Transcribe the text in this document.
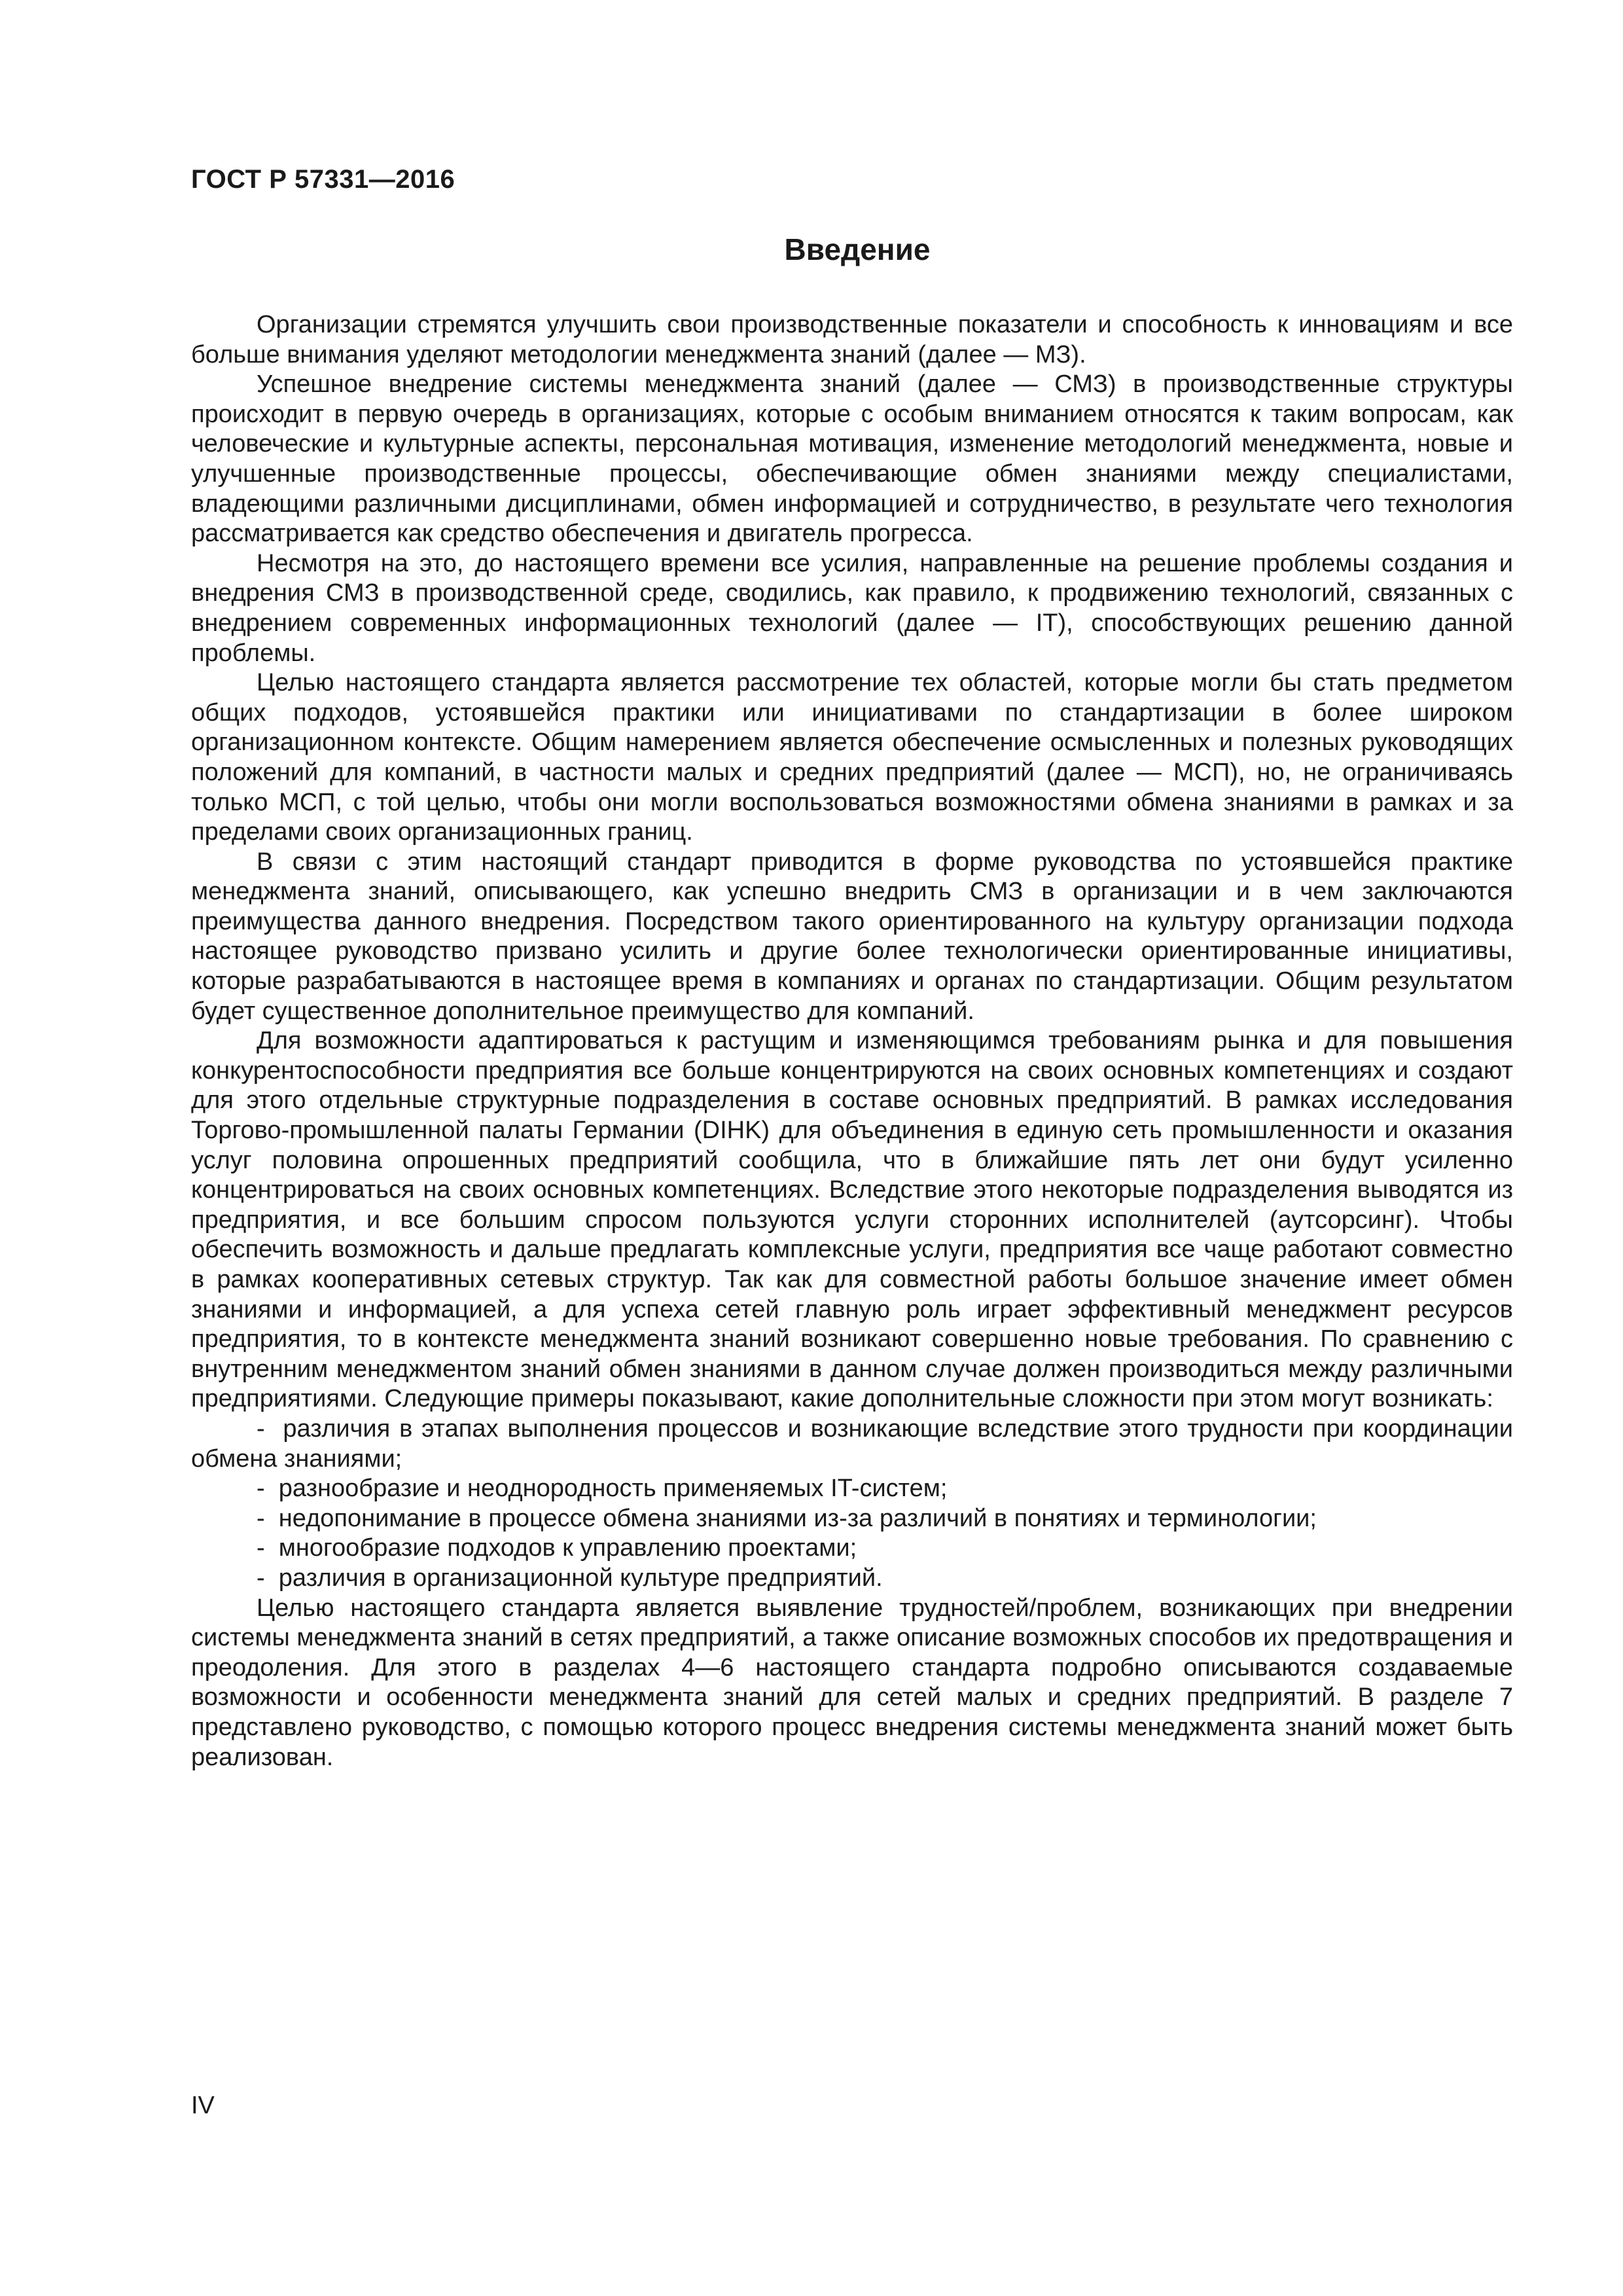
ГОСТ Р 57331—2016
Введение

Организации стремятся улучшить свои производственные показатели и способность к инновациям и все больше внимания уделяют методологии менеджмента знаний (далее — МЗ).

Успешное внедрение системы менеджмента знаний (далее — СМЗ) в производственные структуры происходит в первую очередь в организациях, которые с особым вниманием относятся к таким вопросам, как человеческие и культурные аспекты, персональная мотивация, изменение методологий менеджмента, новые и улучшенные производственные процессы, обеспечивающие обмен знаниями между специалистами, владеющими различными дисциплинами, обмен информацией и сотрудничество, в результате чего технология рассматривается как средство обеспечения и двигатель прогресса.

Несмотря на это, до настоящего времени все усилия, направленные на решение проблемы создания и внедрения СМЗ в производственной среде, сводились, как правило, к продвижению технологий, связанных с внедрением современных информационных технологий (далее — IT), способствующих решению данной проблемы.

Целью настоящего стандарта является рассмотрение тех областей, которые могли бы стать предметом общих подходов, устоявшейся практики или инициативами по стандартизации в более широком организационном контексте. Общим намерением является обеспечение осмысленных и полезных руководящих положений для компаний, в частности малых и средних предприятий (далее — МСП), но, не ограничиваясь только МСП, с той целью, чтобы они могли воспользоваться возможностями обмена знаниями в рамках и за пределами своих организационных границ.

В связи с этим настоящий стандарт приводится в форме руководства по устоявшейся практике менеджмента знаний, описывающего, как успешно внедрить СМЗ в организации и в чем заключаются преимущества данного внедрения. Посредством такого ориентированного на культуру организации подхода настоящее руководство призвано усилить и другие более технологически ориентированные инициативы, которые разрабатываются в настоящее время в компаниях и органах по стандартизации. Общим результатом будет существенное дополнительное преимущество для компаний.

Для возможности адаптироваться к растущим и изменяющимся требованиям рынка и для повышения конкурентоспособности предприятия все больше концентрируются на своих основных компетенциях и создают для этого отдельные структурные подразделения в составе основных предприятий. В рамках исследования Торгово-промышленной палаты Германии (DIHK) для объединения в единую сеть промышленности и оказания услуг половина опрошенных предприятий сообщила, что в ближайшие пять лет они будут усиленно концентрироваться на своих основных компетенциях. Вследствие этого некоторые подразделения выводятся из предприятия, и все большим спросом пользуются услуги сторонних исполнителей (аутсорсинг). Чтобы обеспечить возможность и дальше предлагать комплексные услуги, предприятия все чаще работают совместно в рамках кооперативных сетевых структур. Так как для совместной работы большое значение имеет обмен знаниями и информацией, а для успеха сетей главную роль играет эффективный менеджмент ресурсов предприятия, то в контексте менеджмента знаний возникают совершенно новые требования. По сравнению с внутренним менеджментом знаний обмен знаниями в данном случае должен производиться между различными предприятиями. Следующие примеры показывают, какие дополнительные сложности при этом могут возникать:

- различия в этапах выполнения процессов и возникающие вследствие этого трудности при координации обмена знаниями;
- разнообразие и неоднородность применяемых IT-систем;
- недопонимание в процессе обмена знаниями из-за различий в понятиях и терминологии;
- многообразие подходов к управлению проектами;
- различия в организационной культуре предприятий.

Целью настоящего стандарта является выявление трудностей/проблем, возникающих при внедрении системы менеджмента знаний в сетях предприятий, а также описание возможных способов их предотвращения и преодоления. Для этого в разделах 4—6 настоящего стандарта подробно описываются создаваемые возможности и особенности менеджмента знаний для сетей малых и средних предприятий. В разделе 7 представлено руководство, с помощью которого процесс внедрения системы менеджмента знаний может быть реализован.

IV
